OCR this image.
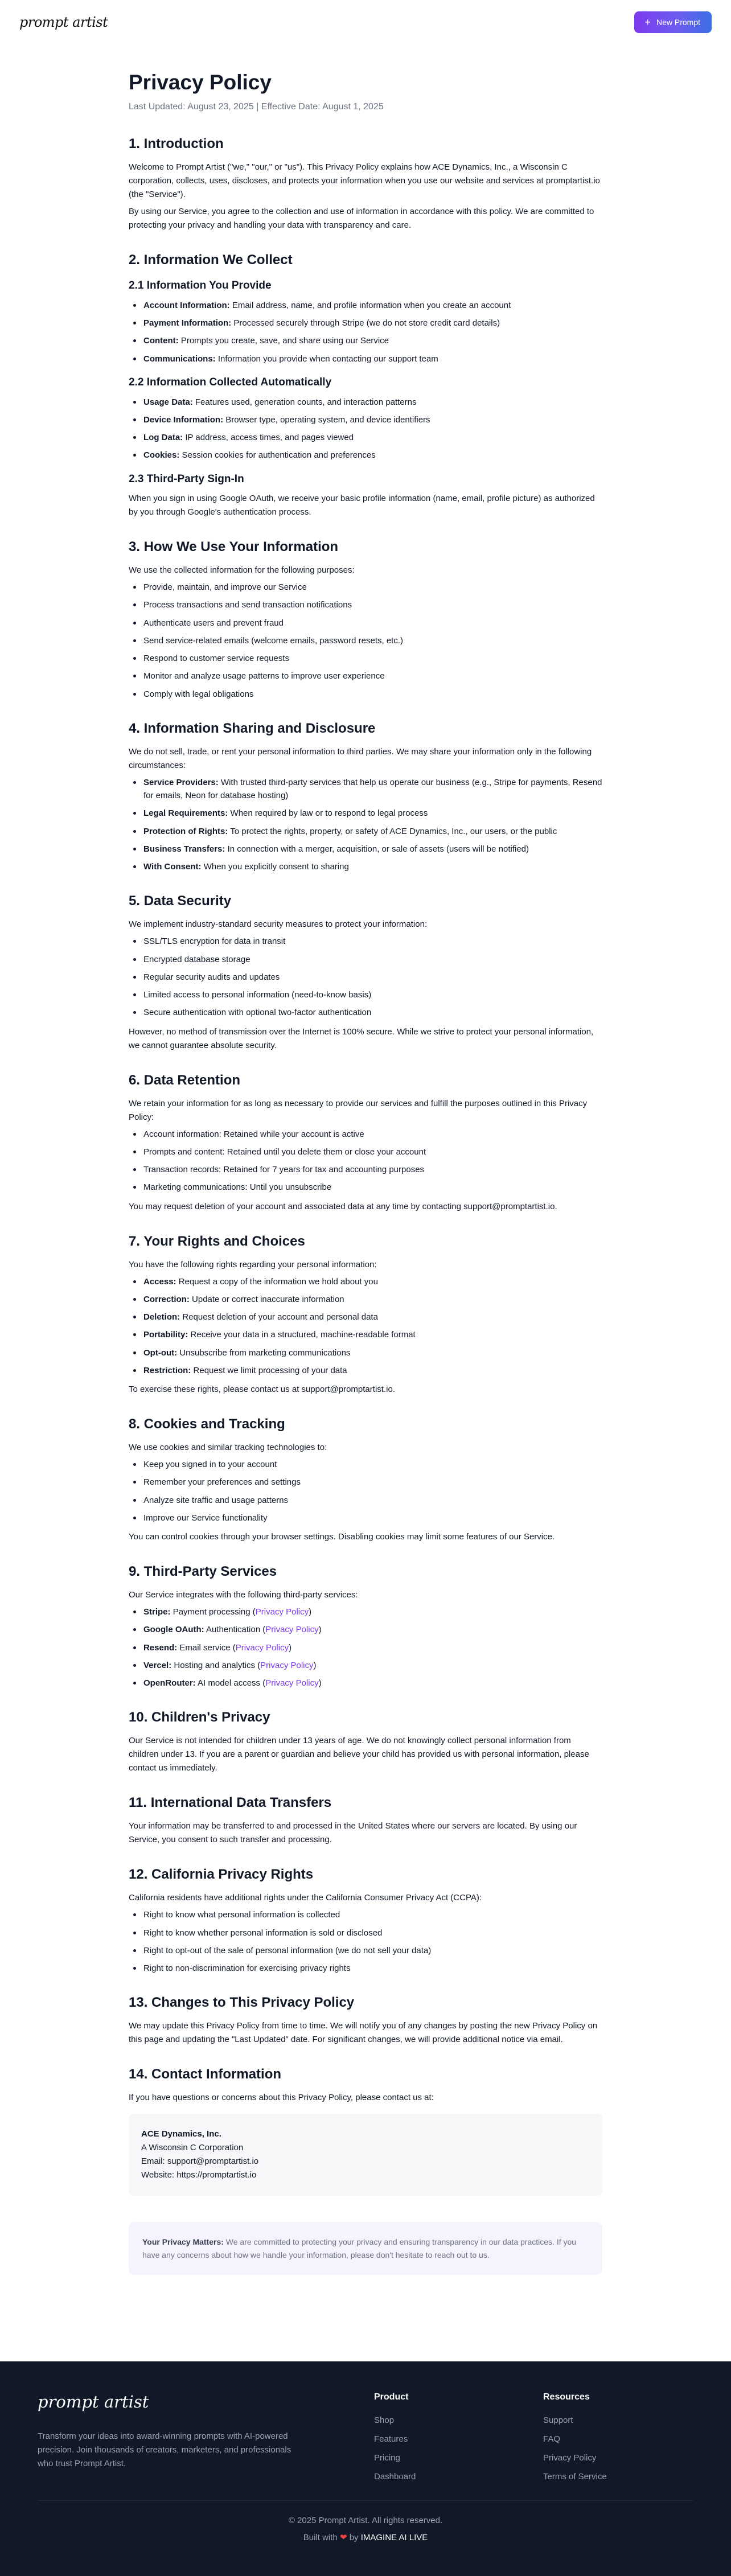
prompt artist	+ New Prompt
Privacy Policy
Last Updated: August 23, 2025 | Effective Date: August 1, 2025
1. Introduction

Welcome to Prompt Artist ("we," "our," or "us"). This Privacy Policy explains how ACE Dynamics, Inc., a Wisconsin C corporation, collects, uses, discloses, and protects your information when you use our website and services at promptartist.io (the "Service").

By using our Service, you agree to the collection and use of information in accordance with this policy. We are committed to protecting your privacy and handling your data with transparency and care.

2. Information We Collect
2.1 Information You Provide
Account Information: Email address, name, and profile information when you create an account
Payment Information: Processed securely through Stripe (we do not store credit card details)
Content: Prompts you create, save, and share using our Service
Communications: Information you provide when contacting our support team
2.2 Information Collected Automatically
Usage Data: Features used, generation counts, and interaction patterns
Device Information: Browser type, operating system, and device identifiers
Log Data: IP address, access times, and pages viewed
Cookies: Session cookies for authentication and preferences
2.3 Third-Party Sign-In

When you sign in using Google OAuth, we receive your basic profile information (name, email, profile picture) as authorized by you through Google's authentication process.

3. How We Use Your Information

We use the collected information for the following purposes:

Provide, maintain, and improve our Service
Process transactions and send transaction notifications
Authenticate users and prevent fraud
Send service-related emails (welcome emails, password resets, etc.)
Respond to customer service requests
Monitor and analyze usage patterns to improve user experience
Comply with legal obligations
4. Information Sharing and Disclosure

We do not sell, trade, or rent your personal information to third parties. We may share your information only in the following circumstances:

Service Providers: With trusted third-party services that help us operate our business (e.g., Stripe for payments, Resend for emails, Neon for database hosting)
Legal Requirements: When required by law or to respond to legal process
Protection of Rights: To protect the rights, property, or safety of ACE Dynamics, Inc., our users, or the public
Business Transfers: In connection with a merger, acquisition, or sale of assets (users will be notified)
With Consent: When you explicitly consent to sharing
5. Data Security

We implement industry-standard security measures to protect your information:

SSL/TLS encryption for data in transit
Encrypted database storage
Regular security audits and updates
Limited access to personal information (need-to-know basis)
Secure authentication with optional two-factor authentication

However, no method of transmission over the Internet is 100% secure. While we strive to protect your personal information, we cannot guarantee absolute security.

6. Data Retention

We retain your information for as long as necessary to provide our services and fulfill the purposes outlined in this Privacy Policy:

Account information: Retained while your account is active
Prompts and content: Retained until you delete them or close your account
Transaction records: Retained for 7 years for tax and accounting purposes
Marketing communications: Until you unsubscribe

You may request deletion of your account and associated data at any time by contacting support@promptartist.io.

7. Your Rights and Choices

You have the following rights regarding your personal information:

Access: Request a copy of the information we hold about you
Correction: Update or correct inaccurate information
Deletion: Request deletion of your account and personal data
Portability: Receive your data in a structured, machine-readable format
Opt-out: Unsubscribe from marketing communications
Restriction: Request we limit processing of your data

To exercise these rights, please contact us at support@promptartist.io.

8. Cookies and Tracking

We use cookies and similar tracking technologies to:

Keep you signed in to your account
Remember your preferences and settings
Analyze site traffic and usage patterns
Improve our Service functionality

You can control cookies through your browser settings. Disabling cookies may limit some features of our Service.

9. Third-Party Services

Our Service integrates with the following third-party services:

Stripe: Payment processing (Privacy Policy)
Google OAuth: Authentication (Privacy Policy)
Resend: Email service (Privacy Policy)
Vercel: Hosting and analytics (Privacy Policy)
OpenRouter: AI model access (Privacy Policy)
10. Children's Privacy

Our Service is not intended for children under 13 years of age. We do not knowingly collect personal information from children under 13. If you are a parent or guardian and believe your child has provided us with personal information, please contact us immediately.

11. International Data Transfers

Your information may be transferred to and processed in the United States where our servers are located. By using our Service, you consent to such transfer and processing.

12. California Privacy Rights

California residents have additional rights under the California Consumer Privacy Act (CCPA):

Right to know what personal information is collected
Right to know whether personal information is sold or disclosed
Right to opt-out of the sale of personal information (we do not sell your data)
Right to non-discrimination for exercising privacy rights
13. Changes to This Privacy Policy

We may update this Privacy Policy from time to time. We will notify you of any changes by posting the new Privacy Policy on this page and updating the "Last Updated" date. For significant changes, we will provide additional notice via email.

14. Contact Information

If you have questions or concerns about this Privacy Policy, please contact us at:

ACE Dynamics, Inc.
A Wisconsin C Corporation
Email: support@promptartist.io
Website: https://promptartist.io
Your Privacy Matters: We are committed to protecting your privacy and ensuring transparency in our data practices. If you have any concerns about how we handle your information, please don't hesitate to reach out to us.
prompt artist
Transform your ideas into award-winning prompts with AI-powered precision. Join thousands of creators, marketers, and professionals who trust Prompt Artist.
Product
Shop
Features
Pricing
Dashboard
Resources
Support
FAQ
Privacy Policy
Terms of Service
© 2025 Prompt Artist. All rights reserved.
Built with ❤ by IMAGINE AI LIVE
